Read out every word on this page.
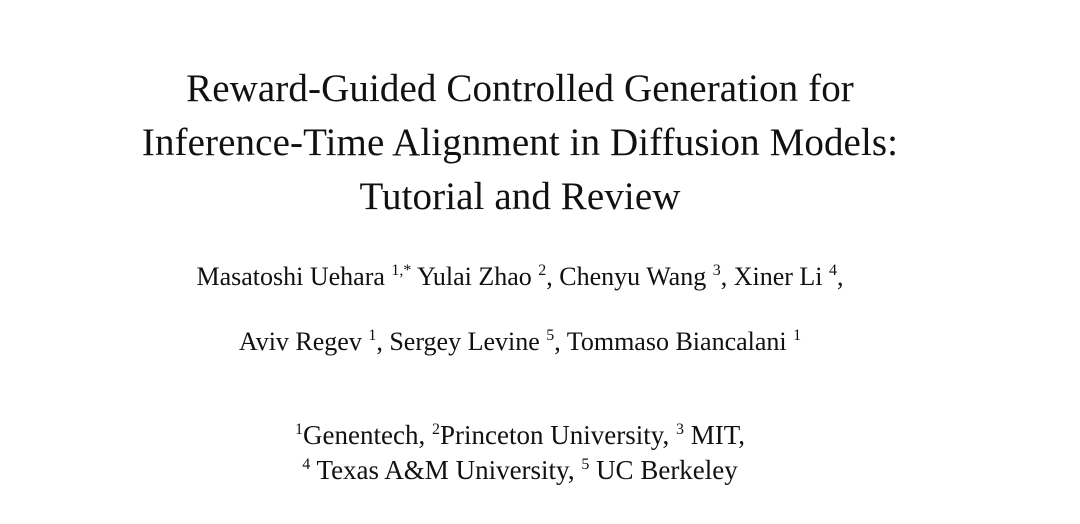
Reward-Guided Controlled Generation for
Inference-Time Alignment in Diffusion Models:
Tutorial and Review
Masatoshi Uehara $^{1,*}$ Yulai Zhao $^2$, Chenyu Wang $^3$, Xiner Li $^4$,
Aviv Regev $^1$, Sergey Levine $^5$, Tommaso Biancalani $^1$
$^1$Genentech, $^2$Princeton University, $^3$ MIT,
$^4$ Texas A&M University, $^5$ UC Berkeley
